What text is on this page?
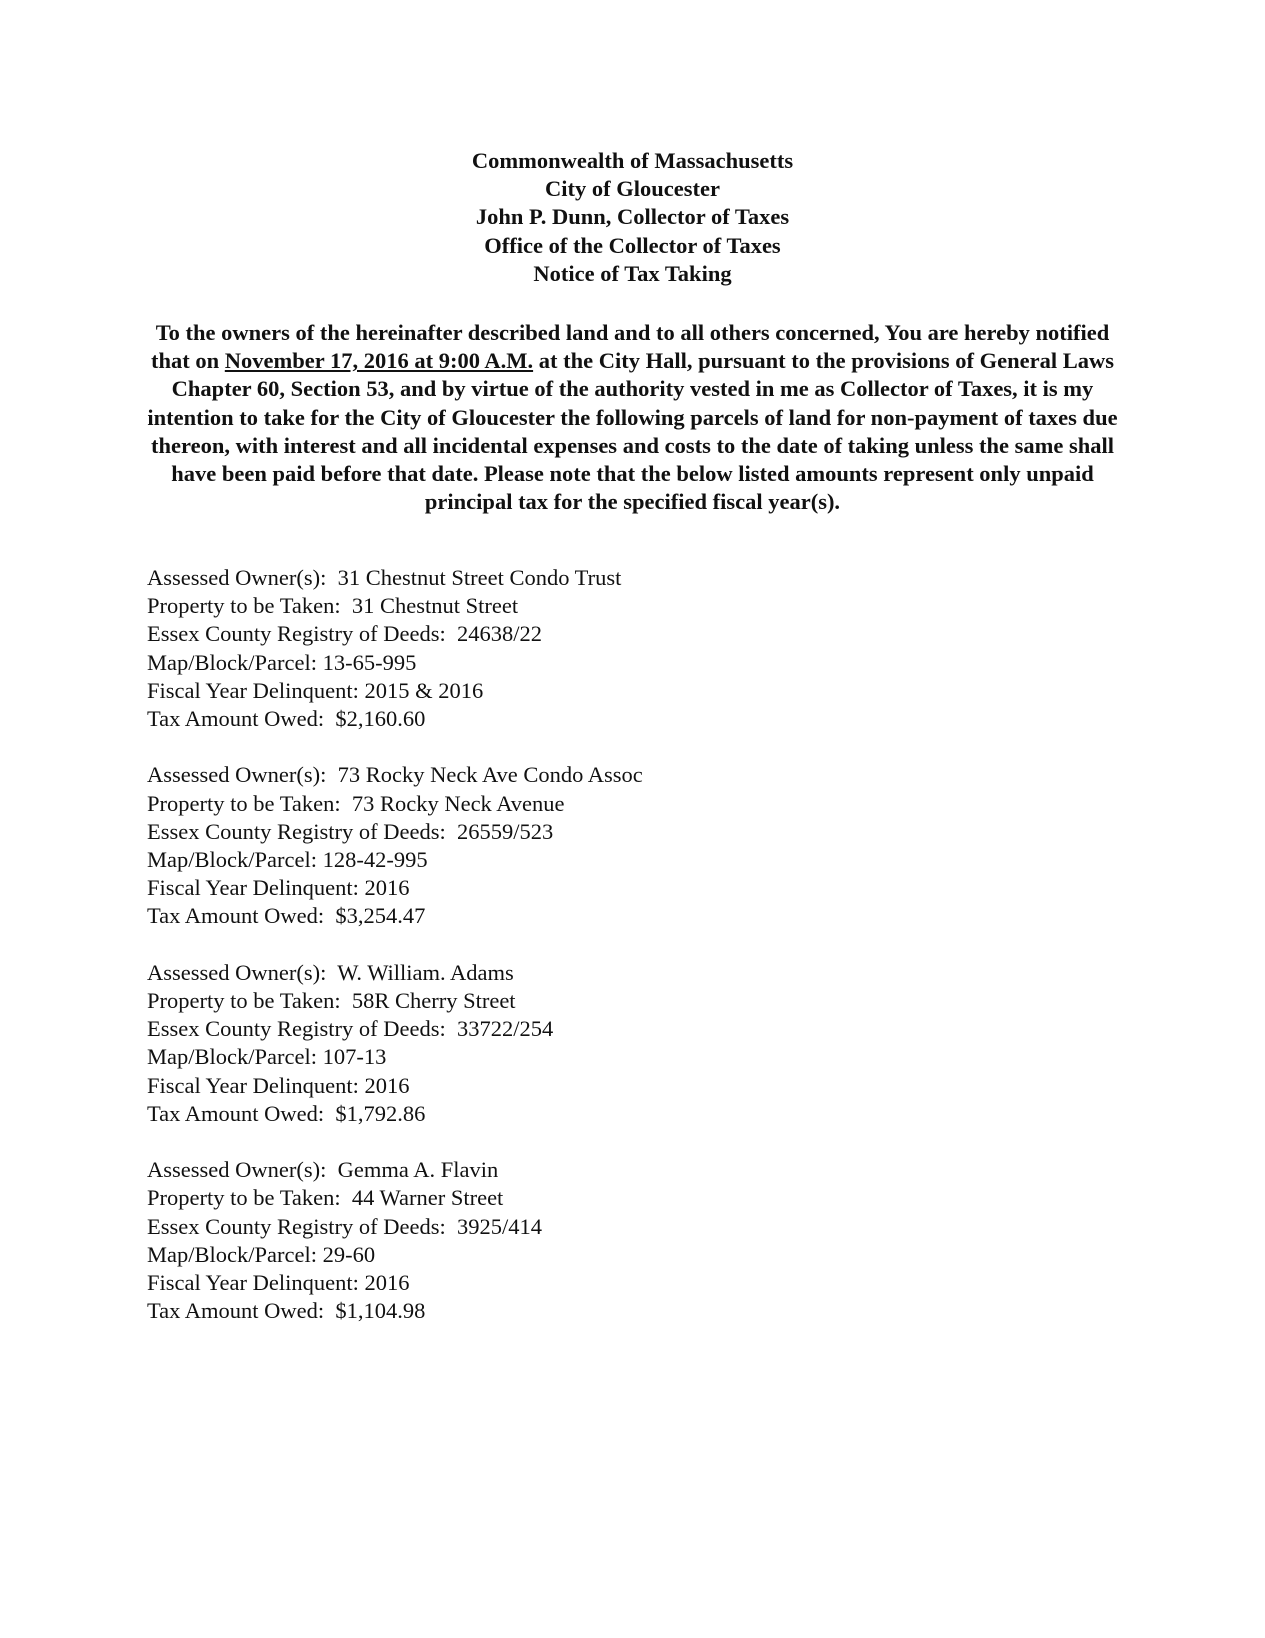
Commonwealth of Massachusetts
City of Gloucester
John P. Dunn, Collector of Taxes
Office of the Collector of Taxes
Notice of Tax Taking
To the owners of the hereinafter described land and to all others concerned, You are hereby notified that on November 17, 2016 at 9:00 A.M. at the City Hall, pursuant to the provisions of General Laws Chapter 60, Section 53, and by virtue of the authority vested in me as Collector of Taxes, it is my intention to take for the City of Gloucester the following parcels of land for non-payment of taxes due thereon, with interest and all incidental expenses and costs to the date of taking unless the same shall have been paid before that date. Please note that the below listed amounts represent only unpaid principal tax for the specified fiscal year(s).
Assessed Owner(s):  31 Chestnut Street Condo Trust
Property to be Taken:  31 Chestnut Street
Essex County Registry of Deeds:  24638/22
Map/Block/Parcel: 13-65-995
Fiscal Year Delinquent: 2015 & 2016
Tax Amount Owed:  $2,160.60
Assessed Owner(s):  73 Rocky Neck Ave Condo Assoc
Property to be Taken:  73 Rocky Neck Avenue
Essex County Registry of Deeds:  26559/523
Map/Block/Parcel: 128-42-995
Fiscal Year Delinquent: 2016
Tax Amount Owed:  $3,254.47
Assessed Owner(s):  W. William. Adams
Property to be Taken:  58R Cherry Street
Essex County Registry of Deeds:  33722/254
Map/Block/Parcel: 107-13
Fiscal Year Delinquent: 2016
Tax Amount Owed:  $1,792.86
Assessed Owner(s):  Gemma A. Flavin
Property to be Taken:  44 Warner Street
Essex County Registry of Deeds:  3925/414
Map/Block/Parcel: 29-60
Fiscal Year Delinquent: 2016
Tax Amount Owed:  $1,104.98
